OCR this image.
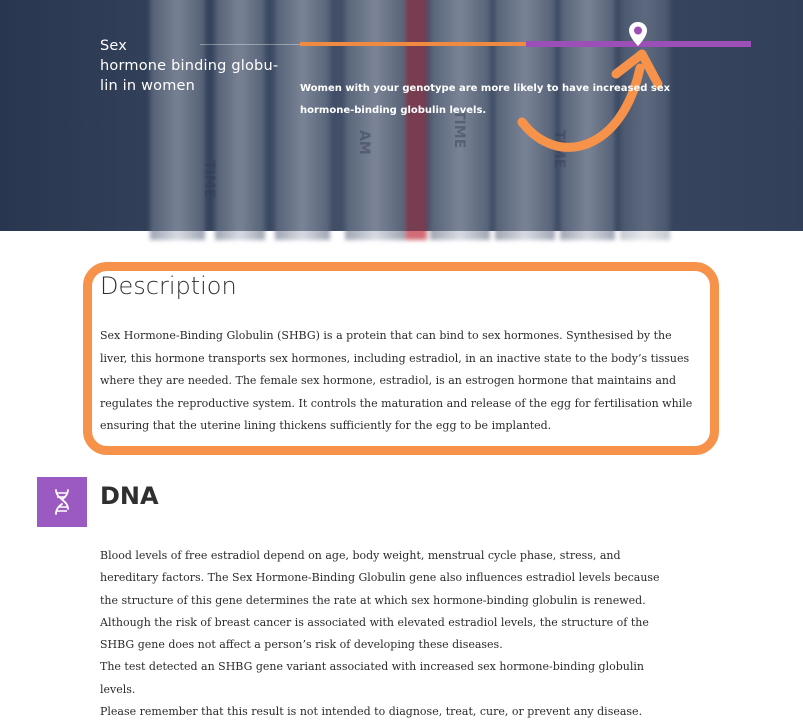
TIME
AM	TIME
TIME
Sex
hormone binding globu-
lin in women	Women with your genotype are more likely to have increased sex hormone-binding globulin levels.
Description

Sex Hormone-Binding Globulin (SHBG) is a protein that can bind to sex hormones. Synthesised by the liver, this hormone transports sex hormones, including estradiol, in an inactive state to the body’s tissues where they are needed. The female sex hormone, estradiol, is an estrogen hormone that maintains and regulates the reproductive system. It controls the maturation and release of the egg for fertilisation while ensuring that the uterine lining thickens sufficiently for the egg to be implanted.

DNA

Blood levels of free estradiol depend on age, body weight, menstrual cycle phase, stress, and hereditary factors. The Sex Hormone-Binding Globulin gene also influences estradiol levels because the structure of this gene determines the rate at which sex hormone-binding globulin is renewed. Although the risk of breast cancer is associated with elevated estradiol levels, the structure of the SHBG gene does not affect a person’s risk of developing these diseases.

The test detected an SHBG gene variant associated with increased sex hormone-binding globulin levels.

Please remember that this result is not intended to diagnose, treat, cure, or prevent any disease.
